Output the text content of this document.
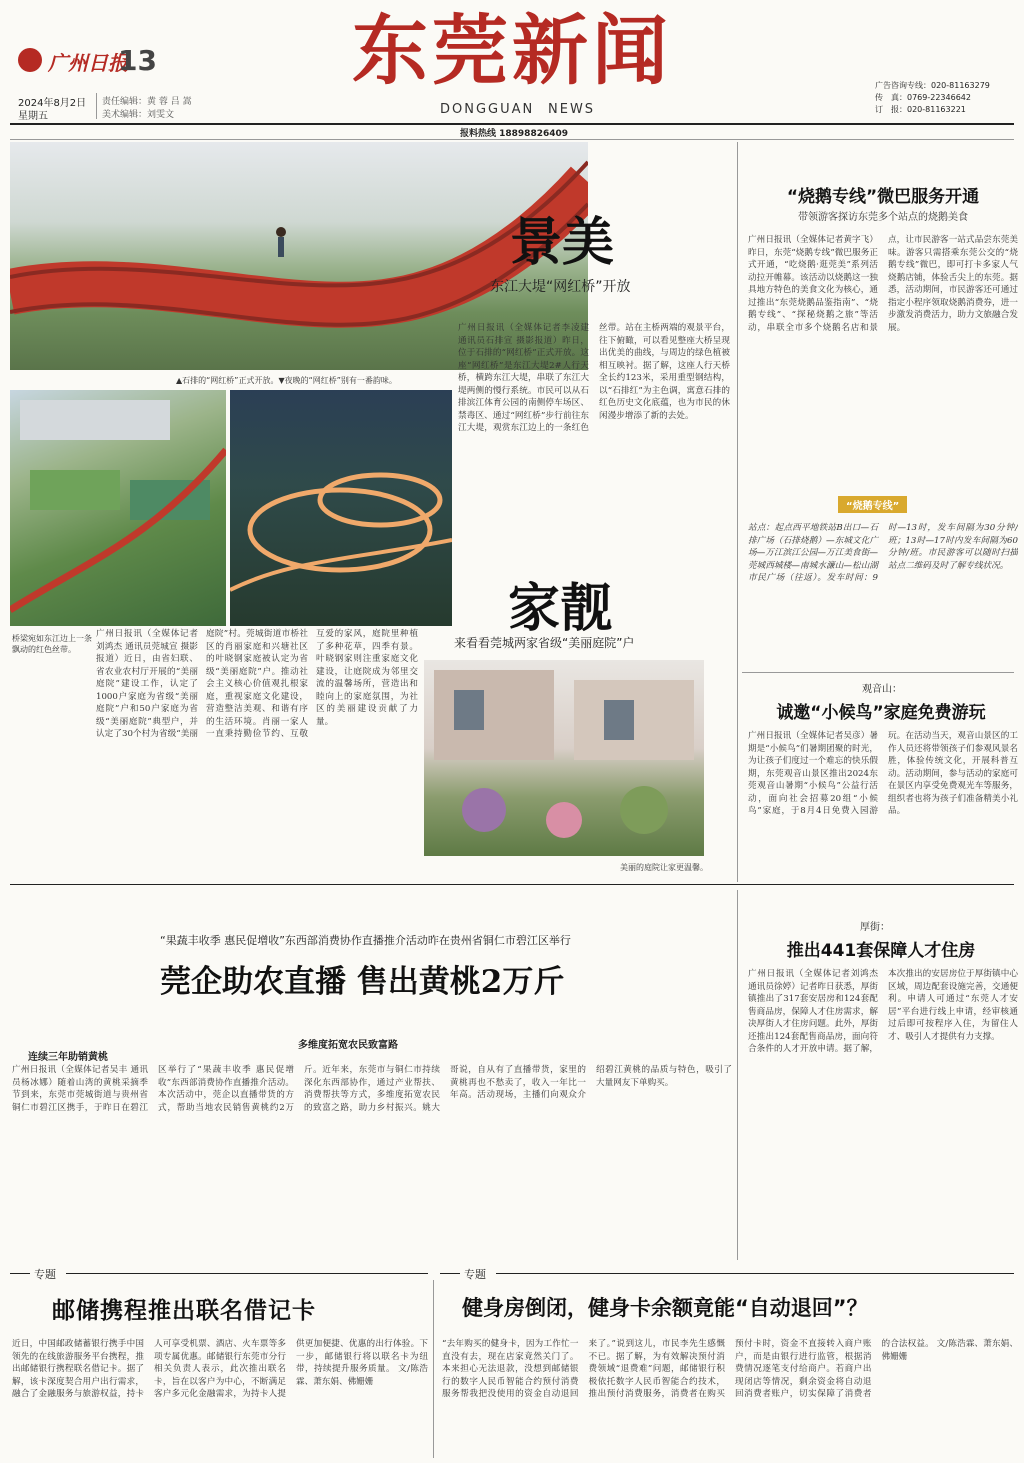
广州日报
13
2024年8月2日
星期五
责任编辑：黄 蓉 吕 嵩
美术编辑：刘雯文
东莞新闻
DONGGUAN NEWS
广告咨询专线：020-81163279
传　真：0769-22346642
订　报：020-81163221
报料热线 18898826409
▲石排的“网红桥”正式开放。▼夜晚的“网红桥”别有一番韵味。
桥梁宛如东江边上一条飘动的红色丝带。
景美
东江大堤“网红桥”开放
广州日报讯（全媒体记者李凌建 通讯员石排宣 摄影报道）昨日，位于石排的“网红桥”正式开放。这座“网红桥”是东江大堤2#人行天桥，横跨东江大堤，串联了东江大堤两侧的慢行系统。市民可以从石排滨江体育公园的南侧停车场区、禁毒区、通过“网红桥”步行前往东江大堤，观赏东江边上的一条红色丝带。站在主桥两端的观景平台，往下俯瞰，可以看见整座大桥呈现出优美的曲线，与周边的绿色植被相互映衬。据了解，这座人行天桥全长约123米，采用重型钢结构，以“石排红”为主色调，寓意石排的红色历史文化底蕴，也为市民的休闲漫步增添了新的去处。
“烧鹅专线”微巴服务开通
带领游客探访东莞多个站点的烧鹅美食
广州日报讯（全媒体记者黄字飞）昨日，东莞“烧鹅专线”微巴服务正式开通，“吃烧鹅·逛莞美”系列活动拉开帷幕。该活动以烧鹅这一独具地方特色的美食文化为核心，通过推出“东莞烧鹅品鉴指南”、“烧鹅专线”、“探秘烧鹅之旅”等活动，串联全市多个烧鹅名店和景点，让市民游客一站式品尝东莞美味。游客只需搭乘东莞公交的“烧鹅专线”微巴，即可打卡多家人气烧鹅店铺，体验舌尖上的东莞。据悉，活动期间，市民游客还可通过指定小程序领取烧鹅消费券，进一步激发消费活力，助力文旅融合发展。
“烧鹅专线”
站点：起点西平地铁站B出口—石排广场（石排烧鹅）—东城文化广场—万江滨江公园—万江美食街—莞城西城楼—南城水濂山—松山湖市民广场（往返）。发车时间：9时—13时，发车间隔为30分钟/班；13时—17时内发车间隔为60分钟/班。市民游客可以随时扫描站点二维码及时了解专线状况。
观音山：
诚邀“小候鸟”家庭免费游玩
广州日报讯（全媒体记者吴彦）暑期是“小候鸟”们暑期团聚的时光，为让孩子们度过一个难忘的快乐假期，东莞观音山景区推出2024东莞观音山暑期“小候鸟”公益行活动，面向社会招募20组“小候鸟”家庭，于8月4日免费入园游玩。在活动当天，观音山景区的工作人员还将带领孩子们参观风景名胜，体验传统文化，开展科普互动。活动期间，参与活动的家庭可在景区内享受免费观光车等服务，组织者也将为孩子们准备精美小礼品。
家靓
来看看莞城两家省级“美丽庭院”户
美丽的庭院让家更温馨。
广州日报讯（全媒体记者刘鸿杰 通讯员莞城宣 摄影报道）近日，由省妇联、省农业农村厅开展的“美丽庭院”建设工作，认定了1000户家庭为省级“美丽庭院”户和50户家庭为省级“美丽庭院”典型户，并认定了30个村为省级“美丽庭院”村。莞城街道市桥社区的肖丽家庭和兴塘社区的叶晓钢家庭被认定为省级“美丽庭院”户。推动社会主义核心价值观扎根家庭，重视家庭文化建设，营造整洁美观、和谐有序的生活环境。肖丽一家人一直秉持勤俭节约、互敬互爱的家风，庭院里种植了多种花草，四季有景。叶晓钢家则注重家庭文化建设，让庭院成为邻里交流的温馨场所，营造出和睦向上的家庭氛围，为社区的美丽建设贡献了力量。
“果蔬丰收季 惠民促增收”东西部消费协作直播推介活动昨在贵州省铜仁市碧江区举行
莞企助农直播 售出黄桃2万斤
连续三年助销黄桃
多维度拓宽农民致富路
广州日报讯（全媒体记者吴丰 通讯员杨冰娜）随着山湾的黄桃采摘季节到来，东莞市莞城街道与贵州省铜仁市碧江区携手，于昨日在碧江区举行了“果蔬丰收季 惠民促增收”东西部消费协作直播推介活动。本次活动中，莞企以直播带货的方式，帮助当地农民销售黄桃约2万斤。近年来，东莞市与铜仁市持续深化东西部协作，通过产业帮扶、消费帮扶等方式，多维度拓宽农民的致富之路，助力乡村振兴。姚大哥说，自从有了直播带货，家里的黄桃再也不愁卖了，收入一年比一年高。活动现场，主播们向观众介绍碧江黄桃的品质与特色，吸引了大量网友下单购买。
厚街：
推出441套保障人才住房
广州日报讯（全媒体记者刘鸿杰 通讯员徐婷）记者昨日获悉，厚街镇推出了317套安居房和124套配售商品房，保障人才住房需求，解决厚街人才住房问题。此外，厚街还推出124套配售商品房，面向符合条件的人才开放申请。据了解，本次推出的安居房位于厚街镇中心区域，周边配套设施完善，交通便利。申请人可通过“东莞人才安居”平台进行线上申请，经审核通过后即可按程序入住，为留住人才、吸引人才提供有力支撑。
专题	专题
邮储携程推出联名借记卡
近日，中国邮政储蓄银行携手中国领先的在线旅游服务平台携程，推出邮储银行携程联名借记卡。据了解，该卡深度契合用户出行需求，融合了金融服务与旅游权益，持卡人可享受机票、酒店、火车票等多项专属优惠。邮储银行东莞市分行相关负责人表示，此次推出联名卡，旨在以客户为中心，不断满足客户多元化金融需求，为持卡人提供更加便捷、优惠的出行体验。下一步，邮储银行将以联名卡为纽带，持续提升服务质量。 文/陈浩霖、萧东娟、佛姗姗
健身房倒闭，健身卡余额竟能“自动退回”？
“去年购买的健身卡，因为工作忙一直没有去，现在店家竟然关门了。本来担心无法退款，没想到邮储银行的数字人民币智能合约预付消费服务帮我把没使用的资金自动退回来了。”说到这儿，市民李先生感慨不已。据了解，为有效解决预付消费领域“退费难”问题，邮储银行积极依托数字人民币智能合约技术，推出预付消费服务，消费者在购买预付卡时，资金不直接转入商户账户，而是由银行进行监管，根据消费情况逐笔支付给商户。若商户出现闭店等情况，剩余资金将自动退回消费者账户，切实保障了消费者的合法权益。 文/陈浩霖、萧东娟、佛姗姗
